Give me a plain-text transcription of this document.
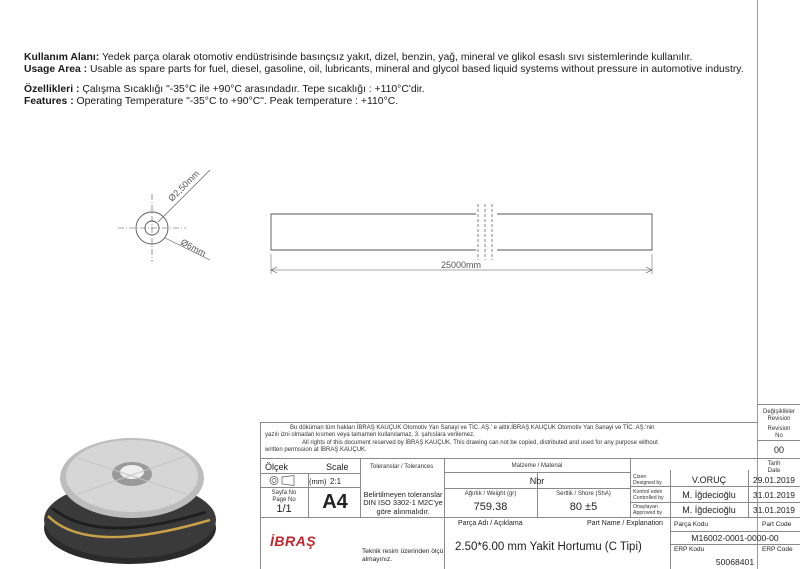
Kullanım Alanı: Yedek parça olarak otomotiv endüstrisinde basınçsız yakıt, dizel, benzin, yağ, mineral ve glikol esaslı sıvı sistemlerinde kullanılır.
Usage Area : Usable as spare parts for fuel, diesel, gasoline, oil, lubricants, mineral and glycol based liquid systems without pressure in automotive industry.
Özellikleri : Çalışma Sıcaklığı "-35°C ile +90°C arasındadır. Tepe sıcaklığı : +110°C'dir.
Features : Operating Temperature "-35°C to +90°C". Peak temperature : +110°C.
Ø2,50mm
Ø6mm
25000mm
Bu döküman tüm hakları İBRAŞ KAUÇUK Otomotiv Yan Sanayi ve TİC. AŞ.' e aittir.İBRAŞ KAUÇUK Otomotiv Yan Sanayi ve TİC. AŞ.'nin
yazılı izni olmadan kısmen veya tamamen kullanılamaz, 3. şahıslara verilemez.
All rights of this document reserved by İBRAŞ KAUÇUK. This drawing can not be copied, distributed and used for any purpose without
written permssion at İBRAŞ KAUÇUK.
Değişiklikler
Revision
Revision
No
00
Tarih
Date
Ölçek	Scale
(mm) 2:1
Sayfa No
Page No
1/1	A4
Toleranslar / Tolerances
Belirtilmeyen toleranslar
DIN ISO 3302-1 M2C'ye
göre alınmalıdır.
Malzeme / Material
Nbr
Ağırlık / Weight (gr)
759.38
Sertlik / Shore (ShA)
80 ±5
Çizen
Designed by	V.ORUÇ	29.01.2019
Kontrol eden
Controlled by	M. İğdecioğlu	31.01.2019
Onaylayan
Approved by	M. İğdecioğlu	31.01.2019
Parça Adı / Açıklama	Part Name / Explanation
2.50*6.00 mm Yakit Hortumu (C Tipi)
Parça Kodu	Part Code
M16002-0001-0000-00
ERP Kodu	ERP Code
50068401
Teknik resim üzerinden ölçü
almayınız.
İBRAŞ
